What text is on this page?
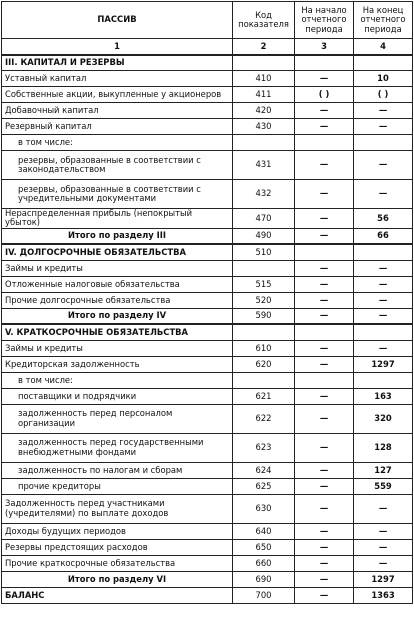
ПАССИВ	Код показателя	На начало отчетного периода	На конец отчетного периода
1	2	3	4
III. КАПИТАЛ И РЕЗЕРВЫ			
Уставный капитал	410	—	10
Собственные акции, выкупленные у акционеров	411	( )	( )
Добавочный капитал	420	—	—
Резервный капитал	430	—	—
в том числе:			
резервы, образованные в соответствии с законодательством	431	—	—
резервы, образованные в соответствии с учредительными документами	432	—	—
Нераспределенная прибыль (непокрытый убыток)	470	—	56
Итого по разделу III	490	—	66
IV. ДОЛГОСРОЧНЫЕ ОБЯЗАТЕЛЬСТВА	510		
Займы и кредиты		—	—
Отложенные налоговые обязательства	515	—	—
Прочие долгосрочные обязательства	520	—	—
Итого по разделу IV	590	—	—
V. КРАТКОСРОЧНЫЕ ОБЯЗАТЕЛЬСТВА			
Займы и кредиты	610	—	—
Кредиторская задолженность	620	—	1297
в том числе:			
поставщики и подрядчики	621	—	163
задолженность перед персоналом организации	622	—	320
задолженность перед государственными внебюджетными фондами	623	—	128
задолженность по налогам и сборам	624	—	127
прочие кредиторы	625	—	559
Задолженность перед участниками (учредителями) по выплате доходов	630	—	—
Доходы будущих периодов	640	—	—
Резервы предстоящих расходов	650	—	—
Прочие краткосрочные обязательства	660	—	—
Итого по разделу VI	690	—	1297
БАЛАНС	700	—	1363
